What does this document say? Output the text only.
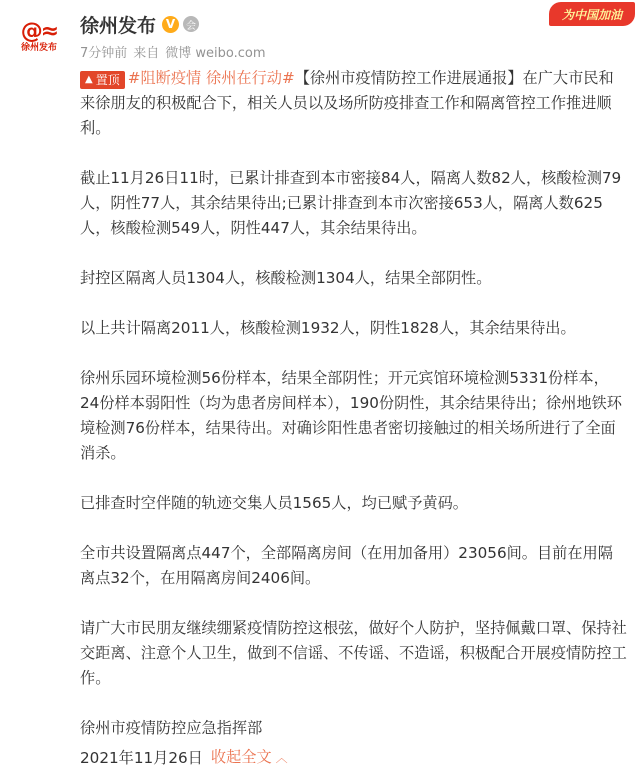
@≈
徐州发布
徐州发布 V	会
7分钟前 来自 微博 weibo.com
为中国加油

▲ 置顶 #阻断疫情 徐州在行动#【徐州市疫情防控工作进展通报】在广大市民和来徐朋友的积极配合下，相关人员以及场所防疫排查工作和隔离管控工作推进顺利。

截止11月26日11时，已累计排查到本市密接84人，隔离人数82人，核酸检测79人，阴性77人，其余结果待出;已累计排查到本市次密接653人，隔离人数625人，核酸检测549人，阴性447人，其余结果待出。

封控区隔离人员1304人，核酸检测1304人，结果全部阴性。

以上共计隔离2011人，核酸检测1932人，阴性1828人，其余结果待出。

徐州乐园环境检测56份样本，结果全部阴性；开元宾馆环境检测5331份样本，24份样本弱阳性（均为患者房间样本），190份阴性，其余结果待出；徐州地铁环境检测76份样本，结果待出。对确诊阳性患者密切接触过的相关场所进行了全面消杀。

已排查时空伴随的轨迹交集人员1565人，均已赋予黄码。

全市共设置隔离点447个，全部隔离房间（在用加备用）23056间。目前在用隔离点32个，在用隔离房间2406间。

请广大市民朋友继续绷紧疫情防控这根弦，做好个人防护，坚持佩戴口罩、保持社交距离、注意个人卫生，做到不信谣、不传谣、不造谣，积极配合开展疫情防控工作。

徐州市疫情防控应急指挥部
2021年11月26日 收起全文 ︿
